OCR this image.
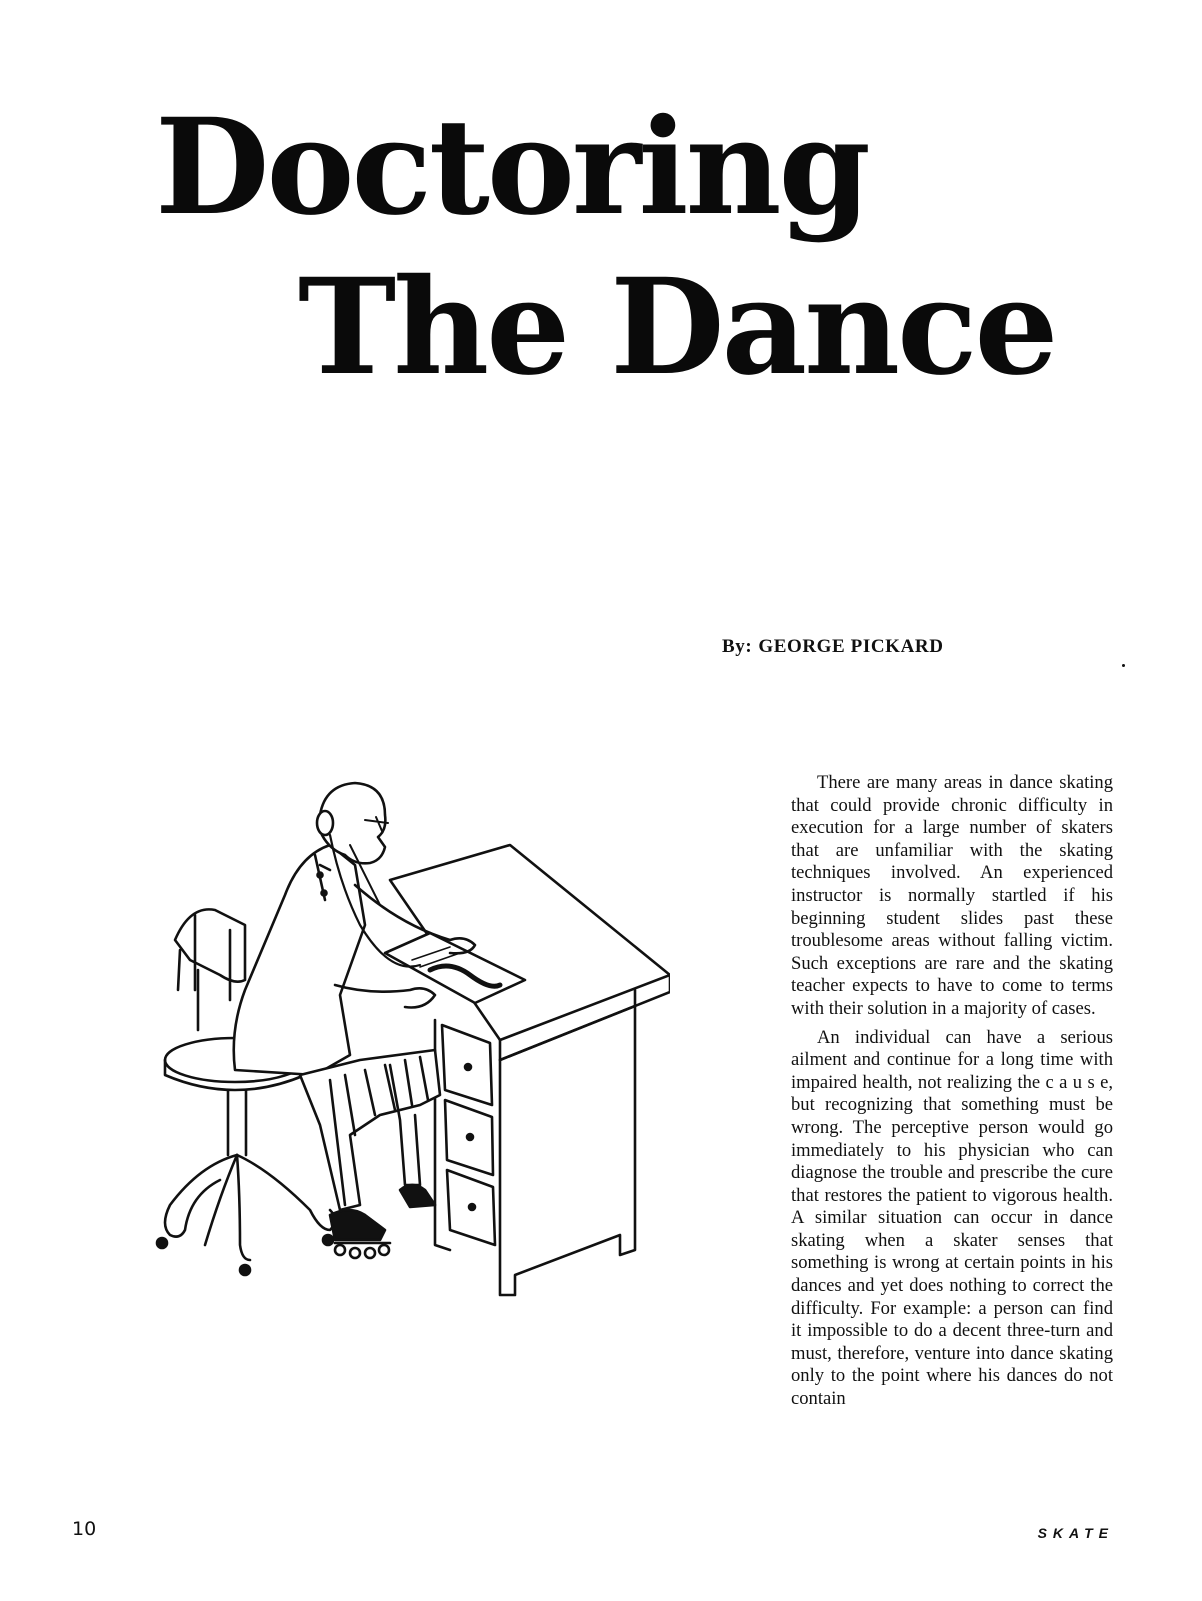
Doctoring
The Dance
By: GEORGE PICKARD

There are many areas in dance skating that could provide chronic difficulty in execution for a large number of skaters that are unfamiliar with the skating techniques involved. An experienced instructor is normally startled if his beginning student slides past these troublesome areas without falling victim. Such exceptions are rare and the skating teacher expects to have to come to terms with their solution in a majority of cases.

An individual can have a serious ailment and continue for a long time with impaired health, not realizing the c a u s e, but recognizing that something must be wrong. The perceptive person would go immediately to his physician who can diagnose the trouble and prescribe the cure that restores the patient to vigorous health. A similar situation can occur in dance skating when a skater senses that something is wrong at certain points in his dances and yet does nothing to correct the difficulty. For example: a person can find it impossible to do a decent three-turn and must, therefore, venture into dance skating only to the point where his dances do not contain

10	SKATE
